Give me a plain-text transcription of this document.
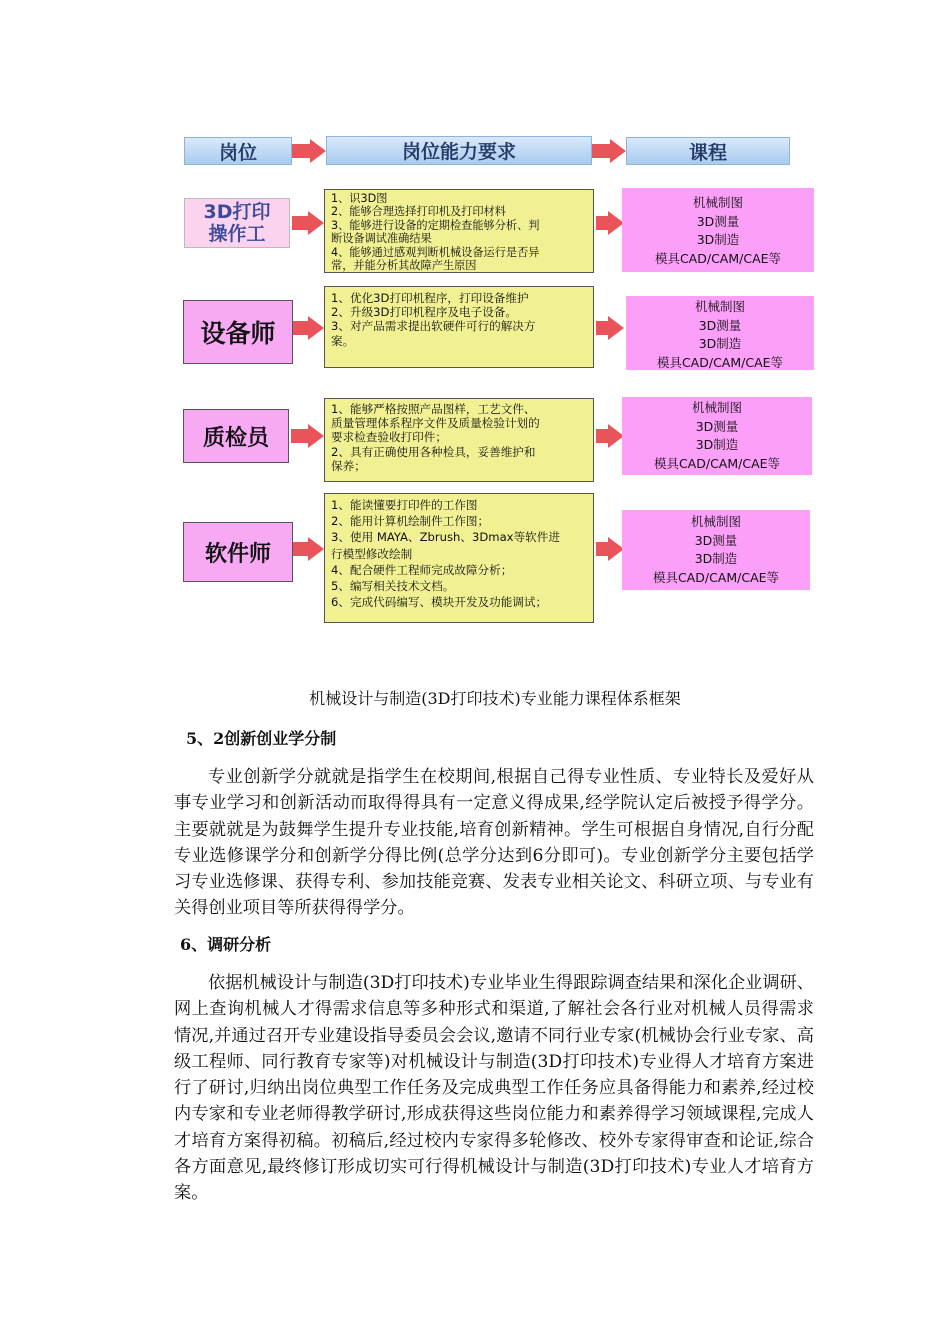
岗位	岗位能力要求	课程
3D打印
操作工
1、识3D图
2、能够合理选择打印机及打印材料
3、能够进行设备的定期检查能够分析、判
断设备调试准确结果
4、能够通过感观判断机械设备运行是否异
常，并能分析其故障产生原因
机械制图
3D测量
3D制造
模具CAD/CAM/CAE等
设备师
1、优化3D打印机程序，打印设备维护
2、升级3D打印机程序及电子设备。
3、对产品需求提出软硬件可行的解决方
案。
机械制图
3D测量
3D制造
模具CAD/CAM/CAE等
质检员
1、能够严格按照产品图样，工艺文件、
质量管理体系程序文件及质量检验计划的
要求检查验收打印件；
2、具有正确使用各种检具，妥善维护和
保养；
机械制图
3D测量
3D制造
模具CAD/CAM/CAE等
软件师
1、能读懂要打印件的工作图
2、能用计算机绘制件工作图；
3、使用 MAYA、Zbrush、3Dmax等软件进
行模型修改绘制
4、配合硬件工程师完成故障分析；
5、编写相关技术文档。
6、完成代码编写、模块开发及功能调试；
机械制图
3D测量
3D制造
模具CAD/CAM/CAE等
机械设计与制造(3D打印技术)专业能力课程体系框架
5、2创新创业学分制
专业创新学分就就是指学生在校期间,根据自己得专业性质、专业特长及爱好从事专业学习和创新活动而取得得具有一定意义得成果,经学院认定后被授予得学分。主要就就是为鼓舞学生提升专业技能,培育创新精神。学生可根据自身情况,自行分配专业选修课学分和创新学分得比例(总学分达到6分即可)。专业创新学分主要包括学习专业选修课、获得专利、参加技能竞赛、发表专业相关论文、科研立项、与专业有关得创业项目等所获得得学分。
6、调研分析
依据机械设计与制造(3D打印技术)专业毕业生得跟踪调查结果和深化企业调研、网上查询机械人才得需求信息等多种形式和渠道,了解社会各行业对机械人员得需求情况,并通过召开专业建设指导委员会会议,邀请不同行业专家(机械协会行业专家、高级工程师、同行教育专家等)对机械设计与制造(3D打印技术)专业得人才培育方案进行了研讨,归纳出岗位典型工作任务及完成典型工作任务应具备得能力和素养,经过校内专家和专业老师得教学研讨,形成获得这些岗位能力和素养得学习领域课程,完成人才培育方案得初稿。初稿后,经过校内专家得多轮修改、校外专家得审查和论证,综合各方面意见,最终修订形成切实可行得机械设计与制造(3D打印技术)专业人才培育方案。
